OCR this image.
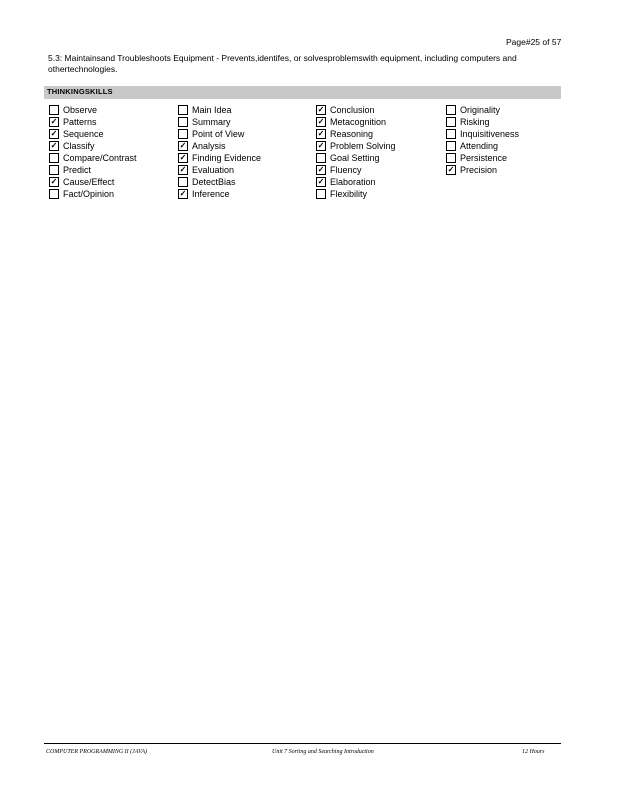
Page#25 of 57
5.3: Maintainsand Troubleshoots Equipment - Prevents,identifes, or solvesproblemswith equipment, including computers and othertechnologies.
THINKINGSKILLS
Observe
✓
Patterns
✓
Sequence
✓
Classify
Compare/Contrast
Predict
✓
Cause/Effect
Fact/Opinion
Main Idea
Summary
Point of View
✓
Analysis
✓
Finding Evidence
✓
Evaluation
DetectBias
✓
Inference
✓
Conclusion
✓
Metacognition
✓
Reasoning
✓
Problem Solving
Goal Setting
✓
Fluency
✓
Elaboration
Flexibility
Originality
Risking
Inquisitiveness
Attending
Persistence
✓
Precision
COMPUTER PROGRAMMING II (JAVA)	Unit 7 Sorting and Searching Introduction	12 Hours
